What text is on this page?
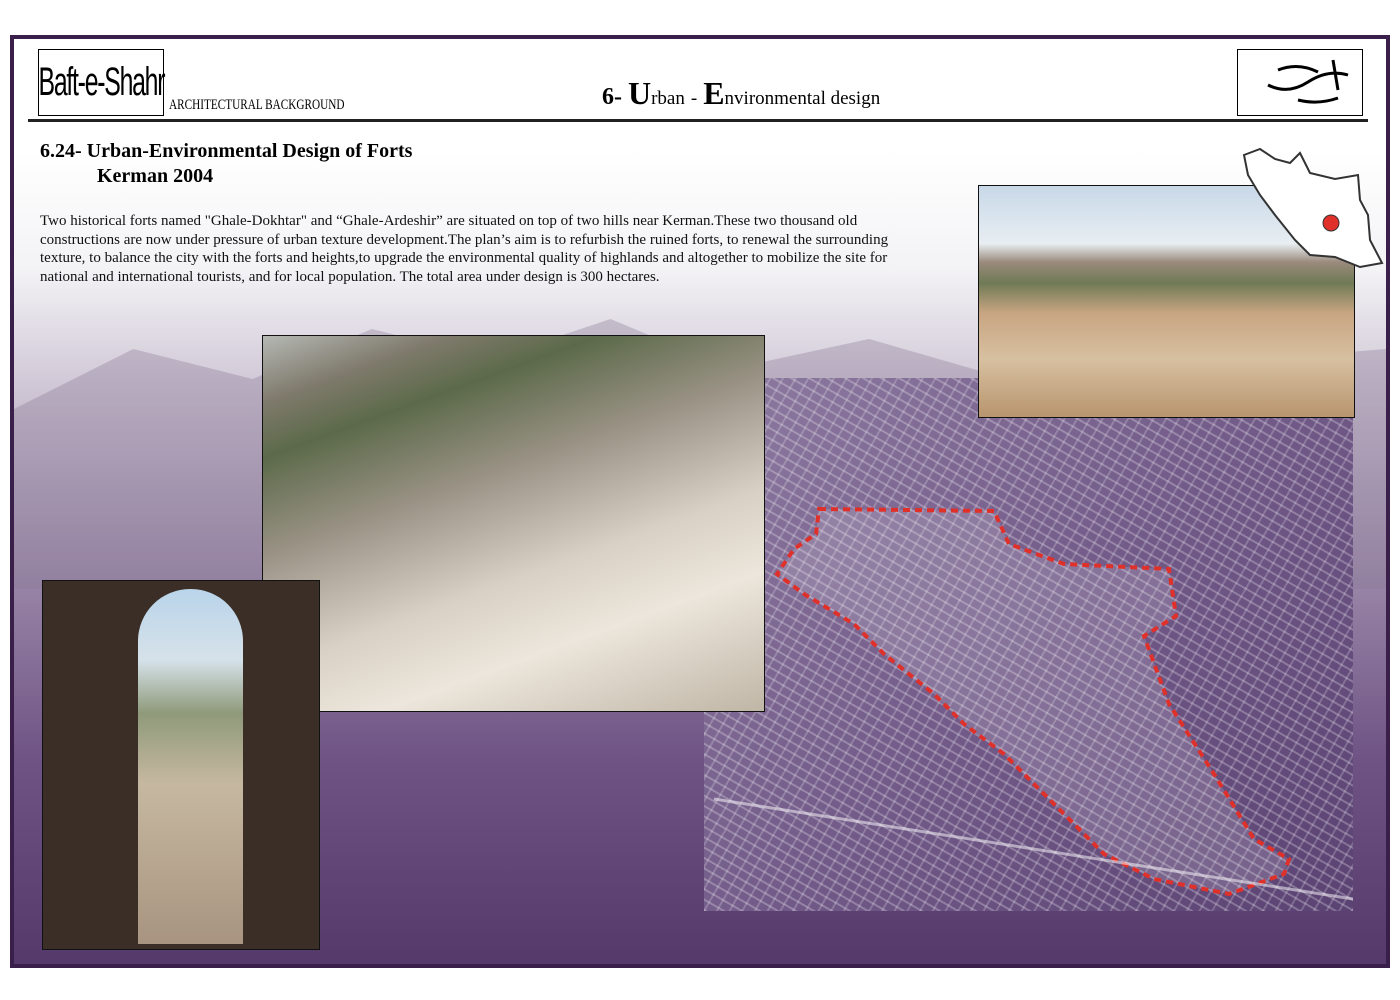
Baft-e-Shahr
ARCHITECTURAL BACKGROUND	6- Urban - Environmental design
6.24- Urban-Environmental Design of Forts
Kerman 2004
Two historical forts named "Ghale-Dokhtar" and “Ghale-Ardeshir” are situated on top of two hills near Kerman.These two thousand old constructions are now under pressure of urban texture development.The plan’s aim is to refurbish the ruined forts, to renewal the surrounding texture, to balance the city with the forts and heights,to upgrade the environmental quality of highlands and altogether to mobilize the site for national and international tourists, and for local population. The total area under design is 300 hectares.
